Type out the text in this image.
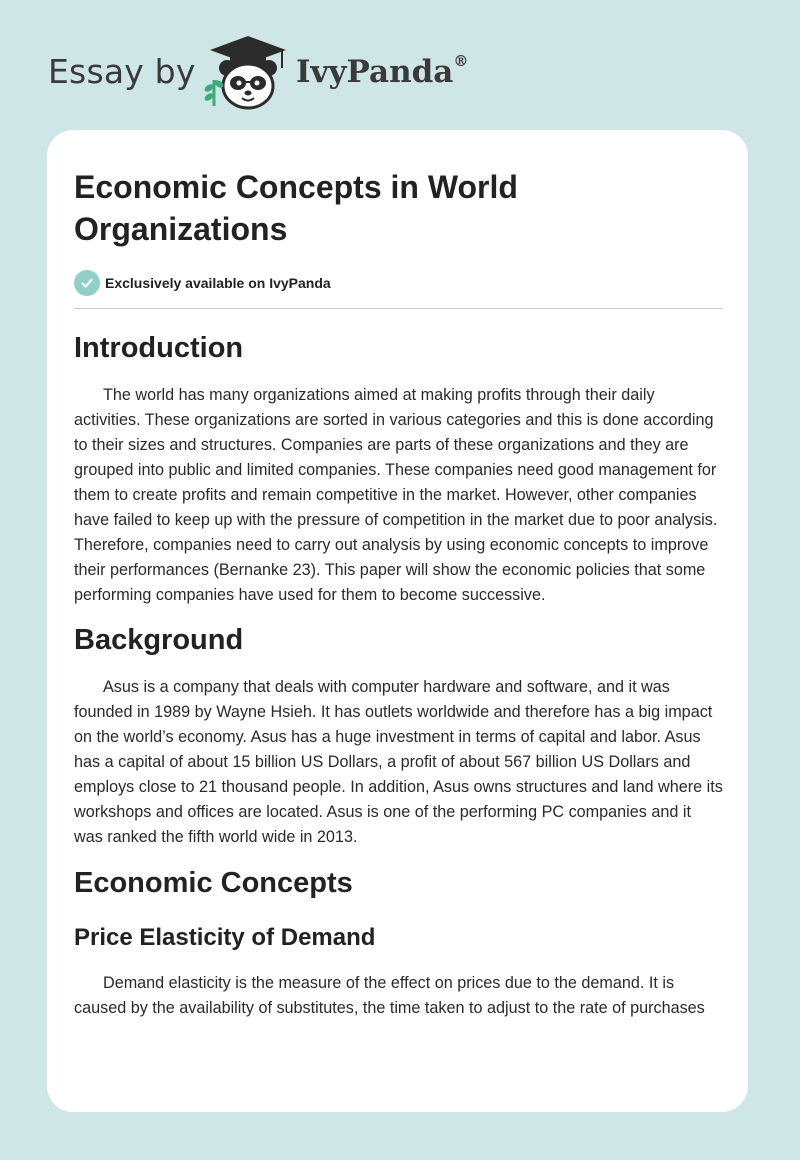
Essay by	IvyPanda®
Economic Concepts in World Organizations
Exclusively available on IvyPanda
Introduction

The world has many organizations aimed at making profits through their daily activities. These organizations are sorted in various categories and this is done according to their sizes and structures. Companies are parts of these organizations and they are grouped into public and limited companies. These companies need good management for them to create profits and remain competitive in the market. However, other companies have failed to keep up with the pressure of competition in the market due to poor analysis. Therefore, companies need to carry out analysis by using economic concepts to improve their performances (Bernanke 23). This paper will show the economic policies that some performing companies have used for them to become successive.

Background

Asus is a company that deals with computer hardware and software, and it was founded in 1989 by Wayne Hsieh. It has outlets worldwide and therefore has a big impact on the world’s economy. Asus has a huge investment in terms of capital and labor. Asus has a capital of about 15 billion US Dollars, a profit of about 567 billion US Dollars and employs close to 21 thousand people. In addition, Asus owns structures and land where its workshops and offices are located. Asus is one of the performing PC companies and it was ranked the fifth world wide in 2013.

Economic Concepts
Price Elasticity of Demand

Demand elasticity is the measure of the effect on prices due to the demand. It is caused by the availability of substitutes, the time taken to adjust to the rate of purchases
